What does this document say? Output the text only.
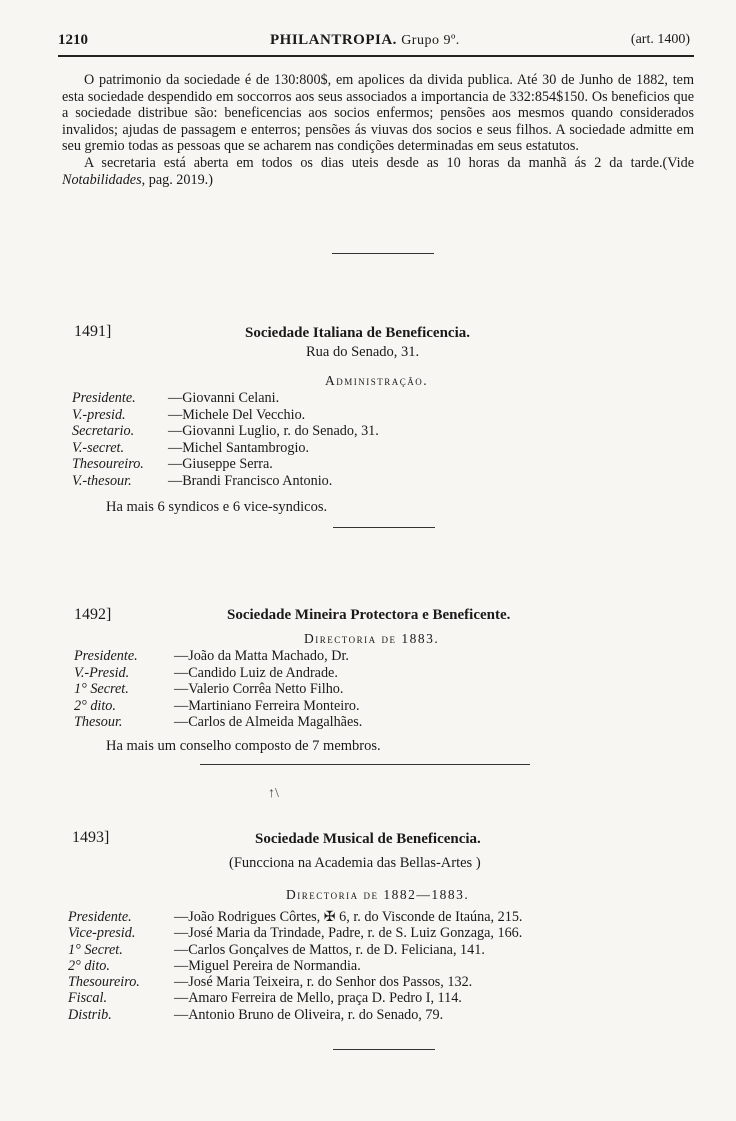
1210	PHILANTROPIA. Grupo 9º.	(art. 1400)

O patrimonio da sociedade é de 130:800$, em apolices da divida publica. Até 30 de Junho de 1882, tem esta sociedade despendido em soccorros aos seus associados a importancia de 332:854$150. Os beneficios que a sociedade distribue são: beneficencias aos socios enfermos; pensões aos mesmos quando considerados invalidos; ajudas de passagem e enterros; pensões ás viuvas dos socios e seus filhos. A sociedade admitte em seu gremio todas as pessoas que se acharem nas condições determinadas em seus estatutos.

A secretaria está aberta em todos os dias uteis desde as 10 horas da manhã ás 2 da tarde.(Vide Notabilidades, pag. 2019.)

1491]	Sociedade Italiana de Beneficencia.
Rua do Senado, 31.
Administração.
Presidente.	—Giovanni Celani.
V.-presid.	—Michele Del Vecchio.
Secretario.	—Giovanni Luglio, r. do Senado, 31.
V.-secret.	—Michel Santambrogio.
Thesoureiro.	—Giuseppe Serra.
V.-thesour.	—Brandi Francisco Antonio.
Ha mais 6 syndicos e 6 vice-syndicos.
1492]	Sociedade Mineira Protectora e Beneficente.
Directoria de 1883.
Presidente.	—João da Matta Machado, Dr.
V.-Presid.	—Candido Luiz de Andrade.
1° Secret.	—Valerio Corrêa Netto Filho.
2° dito.	—Martiniano Ferreira Monteiro.
Thesour.	—Carlos de Almeida Magalhães.
Ha mais um conselho composto de 7 membros.
↑\
1493]	Sociedade Musical de Beneficencia.
(Funcciona na Academia das Bellas-Artes )
Directoria de 1882—1883.
Presidente.	—João Rodrigues Côrtes, ✠ 6, r. do Visconde de Itaúna, 215.
Vice-presid.	—José Maria da Trindade, Padre, r. de S. Luiz Gonzaga, 166.
1° Secret.	—Carlos Gonçalves de Mattos, r. de D. Feliciana, 141.
2° dito.	—Miguel Pereira de Normandia.
Thesoureiro.	—José Maria Teixeira, r. do Senhor dos Passos, 132.
Fiscal.	—Amaro Ferreira de Mello, praça D. Pedro I, 114.
Distrib.	—Antonio Bruno de Oliveira, r. do Senado, 79.
